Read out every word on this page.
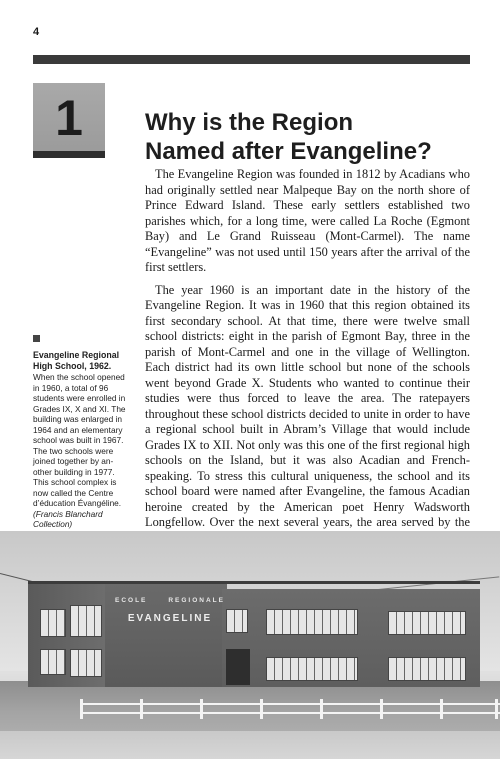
4
1	Why is the Region
Named after Evangeline?

The Evangeline Region was founded in 1812 by Acadians who had originally settled near Malpeque Bay on the north shore of Prince Edward Island. These early settlers established two parishes which, for a long time, were called La Roche (Egmont Bay) and Le Grand Ruisseau (Mont-Carmel). The name “Evangeline” was not used until 150 years after the arrival of the first settlers.

The year 1960 is an important date in the history of the Evangeline Region. It was in 1960 that this region obtained its first secondary school. At that time, there were twelve small school districts: eight in the parish of Egmont Bay, three in the parish of Mont-Carmel and one in the village of Wellington. Each district had its own little school but none of the schools went beyond Grade X. Students who wanted to continue their studies were thus forced to leave the area. The ratepayers throughout these school districts decided to unite in order to have a regional school built in Abram’s Village that would include Grades IX to XII. Not only was this one of the first regional high schools on the Island, but it was also Acadian and French-speaking. To stress this cultural uniqueness, the school and its school board were named after Evangeline, the famous Acadian heroine created by the American poet Henry Wadsworth Longfellow. Over the next several years, the area served by the

Evangeline Regional High School, 1962.
When the school opened in 1960, a total of 96 students were enrolled in Grades IX, X and XI. The building was enlarged in 1964 and an elementary school was built in 1967. The two schools were joined together by an- other building in 1977. This school complex is now called the Centre d’éducation Évangéline.
(Francis Blanchard Collection)
ECOLE	REGIONALE
EVANGELINE
